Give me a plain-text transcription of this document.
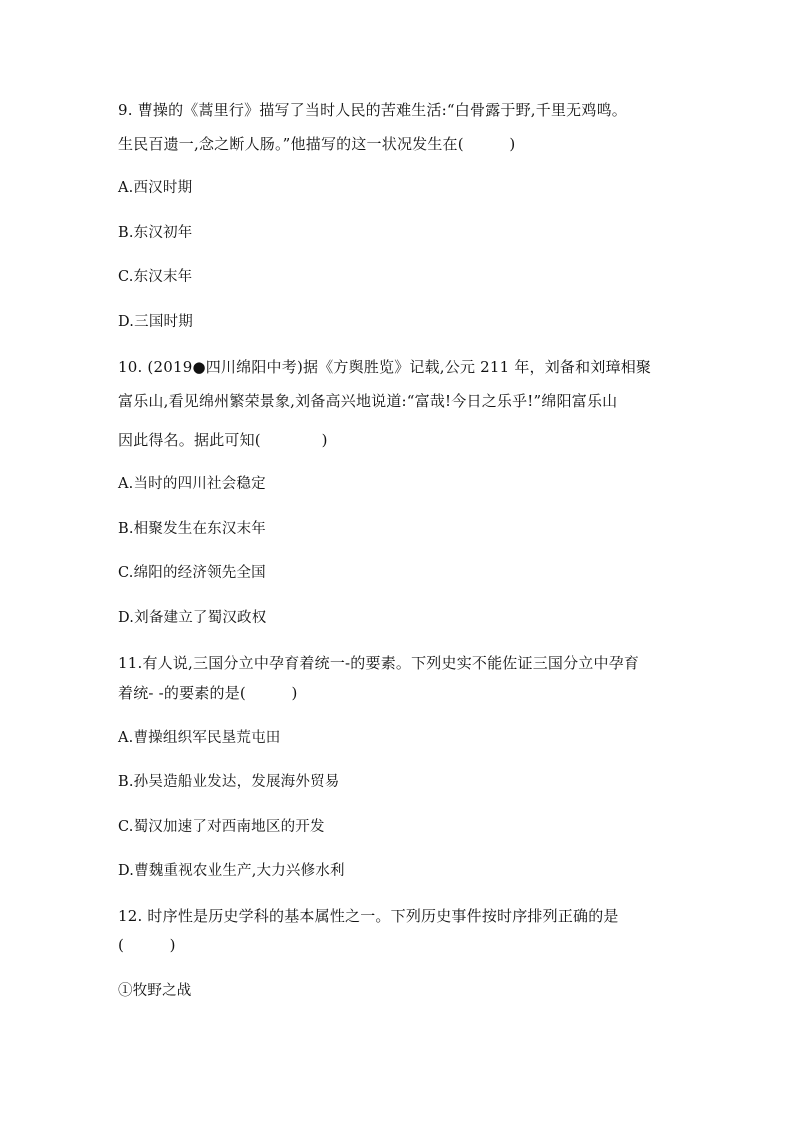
9. 曹操的《蒿里行》描写了当时人民的苦难生活:“白骨露于野,千里无鸡鸣。
生民百遗一,念之断人肠。”他描写的这一状况发生在(　　　)
A.西汉时期
B.东汉初年
C.东汉末年
D.三国时期
10. (2019●四川绵阳中考)据《方舆胜览》记载,公元 211 年，刘备和刘璋相聚
富乐山,看见绵州繁荣景象,刘备高兴地说道:“富哉!今日之乐乎!”绵阳富乐山
因此得名。据此可知(　　　　)
A.当时的四川社会稳定
B.相聚发生在东汉末年
C.绵阳的经济领先全国
D.刘备建立了蜀汉政权
11.有人说,三国分立中孕育着统一-的要素。下列史实不能佐证三国分立中孕育
着统- -的要素的是(　　　)
A.曹操组织军民垦荒屯田
B.孙吴造船业发达，发展海外贸易
C.蜀汉加速了对西南地区的开发
D.曹魏重视农业生产,大力兴修水利
12. 时序性是历史学科的基本属性之一。下列历史事件按时序排列正确的是
(　　　)
①牧野之战
